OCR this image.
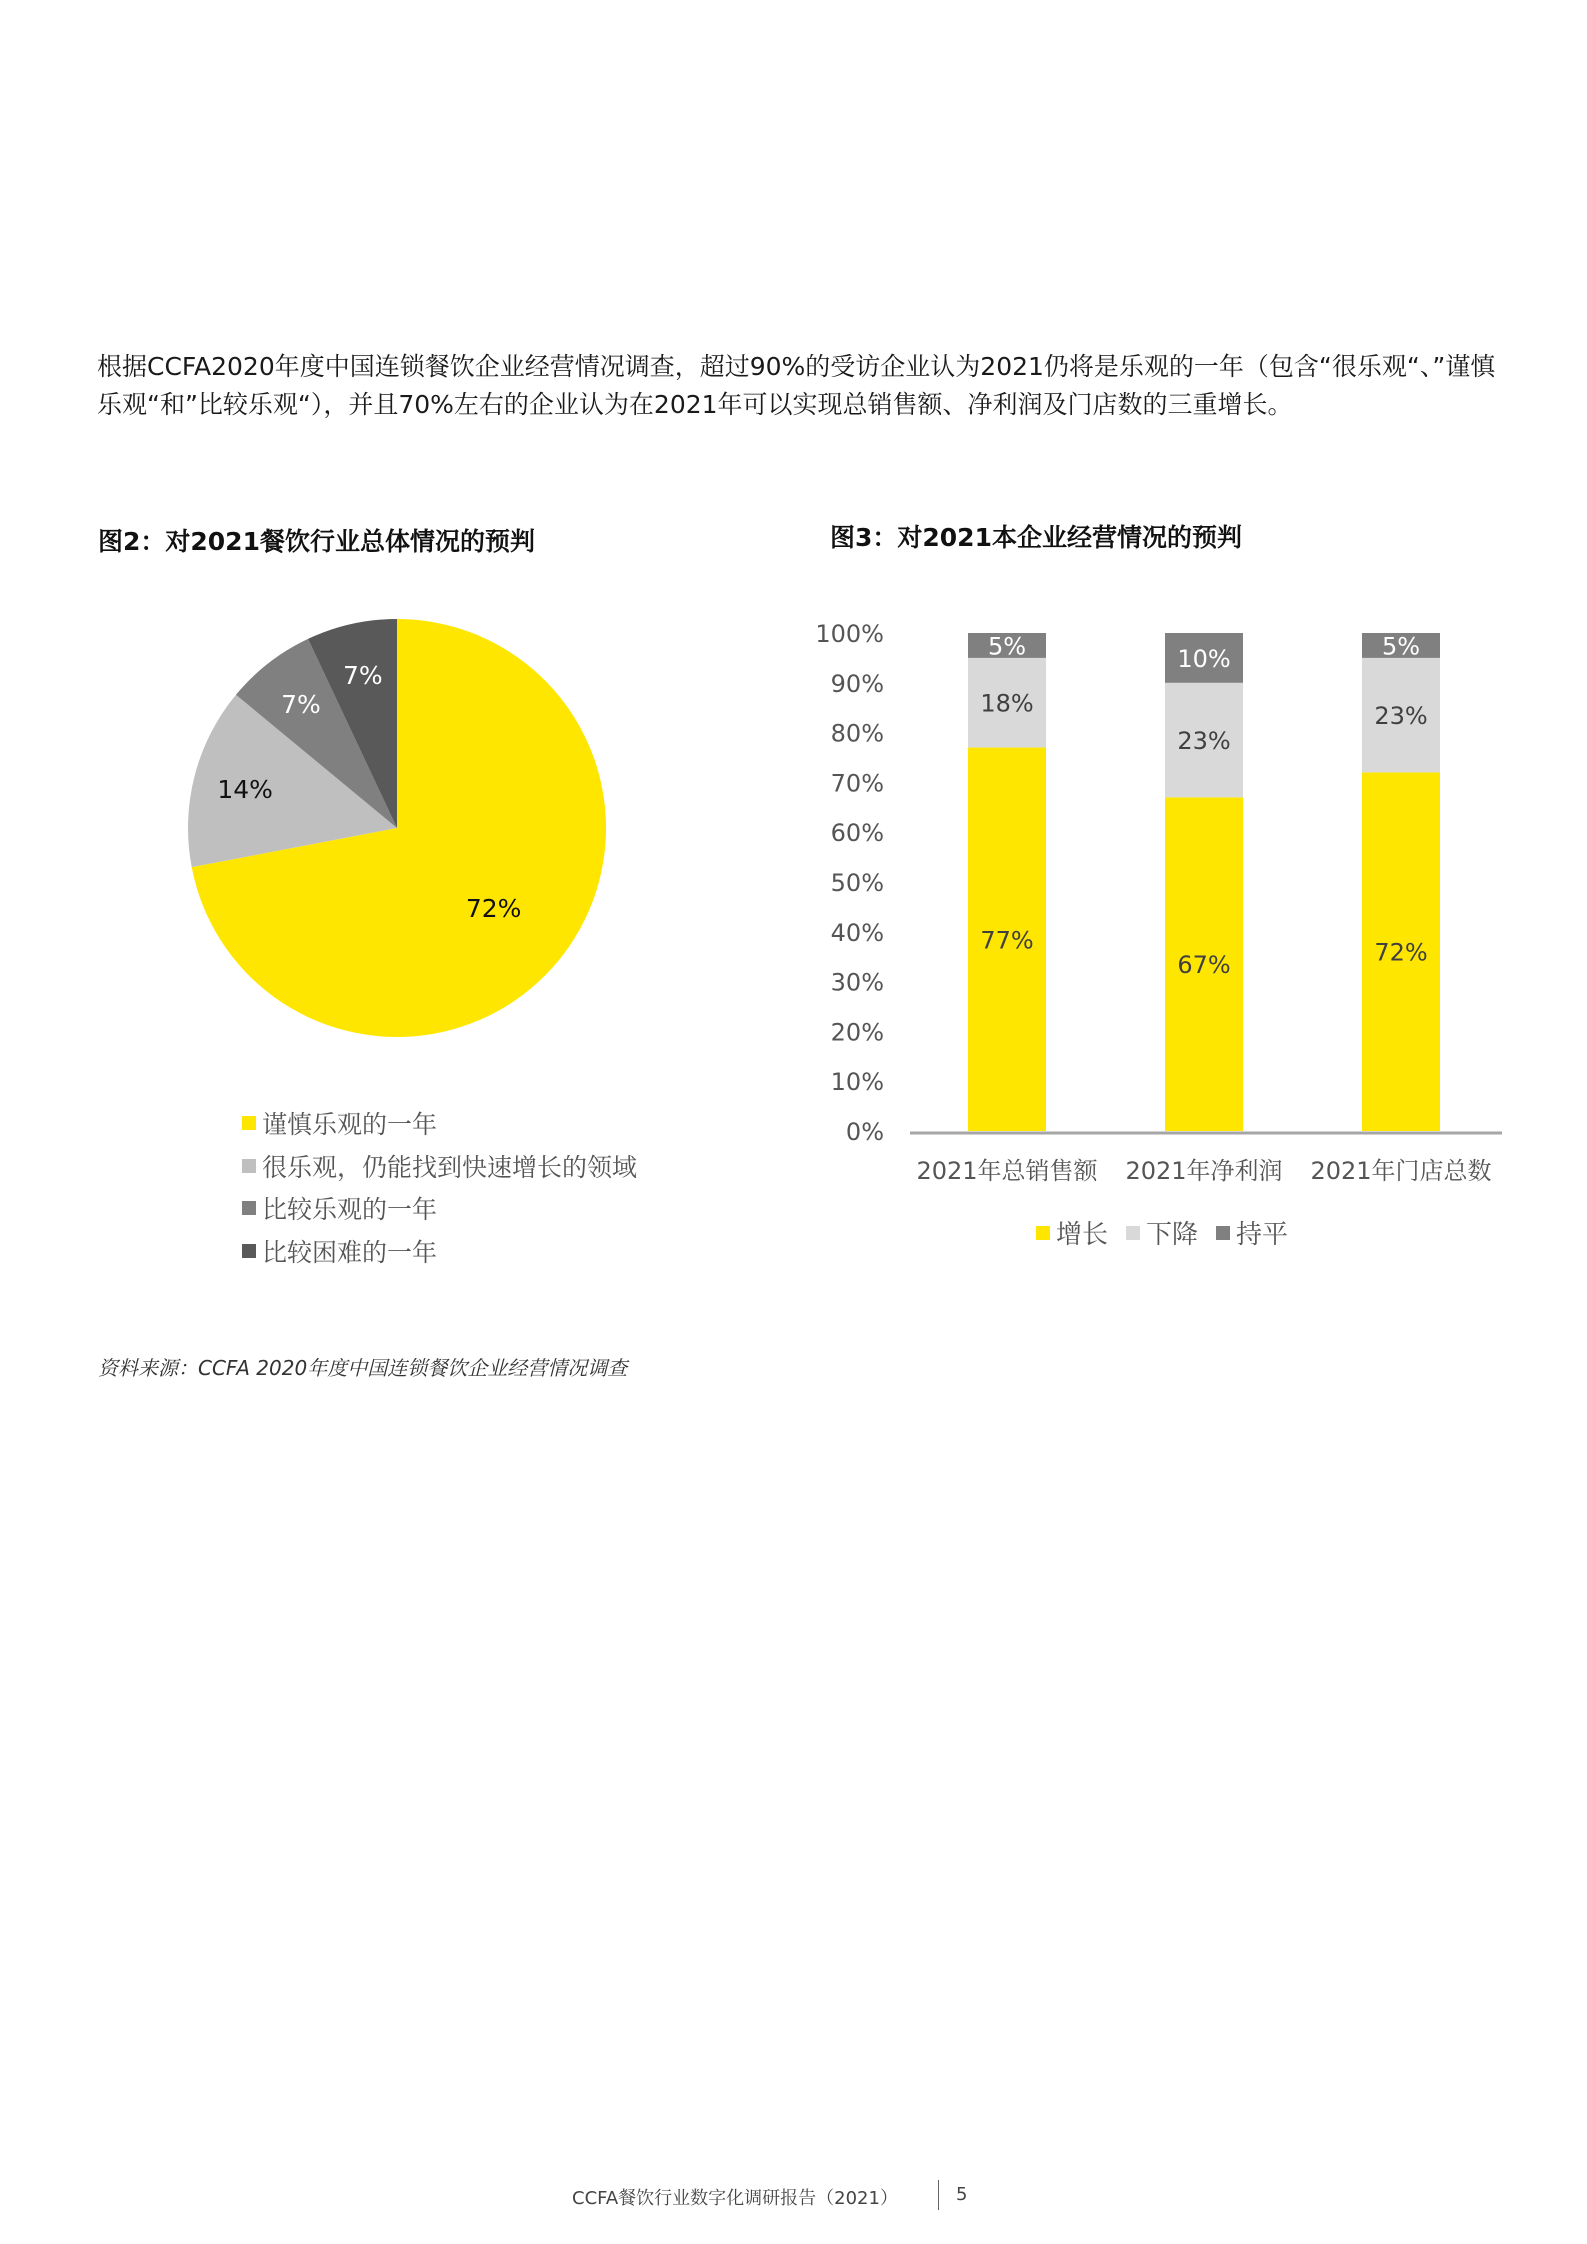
根据CCFA2020年度中国连锁餐饮企业经营情况调查，超过90%的受访企业认为2021仍将是乐观的一年（包含“很乐观“、”谨慎乐观“和”比较乐观“），并且70%左右的企业认为在2021年可以实现总销售额、净利润及门店数的三重增长。
图2：对2021餐饮行业总体情况的预判	图3：对2021本企业经营情况的预判
72%
14%
7%
7%
0%
10%
20%
30%
40%
50%
60%
70%
80%
90%
100%
77%
18%
5%
2021年总销售额
67%
23%
10%
2021年净利润
72%
23%
5%
2021年门店总数
谨慎乐观的一年
很乐观，仍能找到快速增长的领域
比较乐观的一年
比较困难的一年
增长 下降 持平
资料来源：CCFA 2020年度中国连锁餐饮企业经营情况调查
CCFA餐饮行业数字化调研报告（2021）	5
